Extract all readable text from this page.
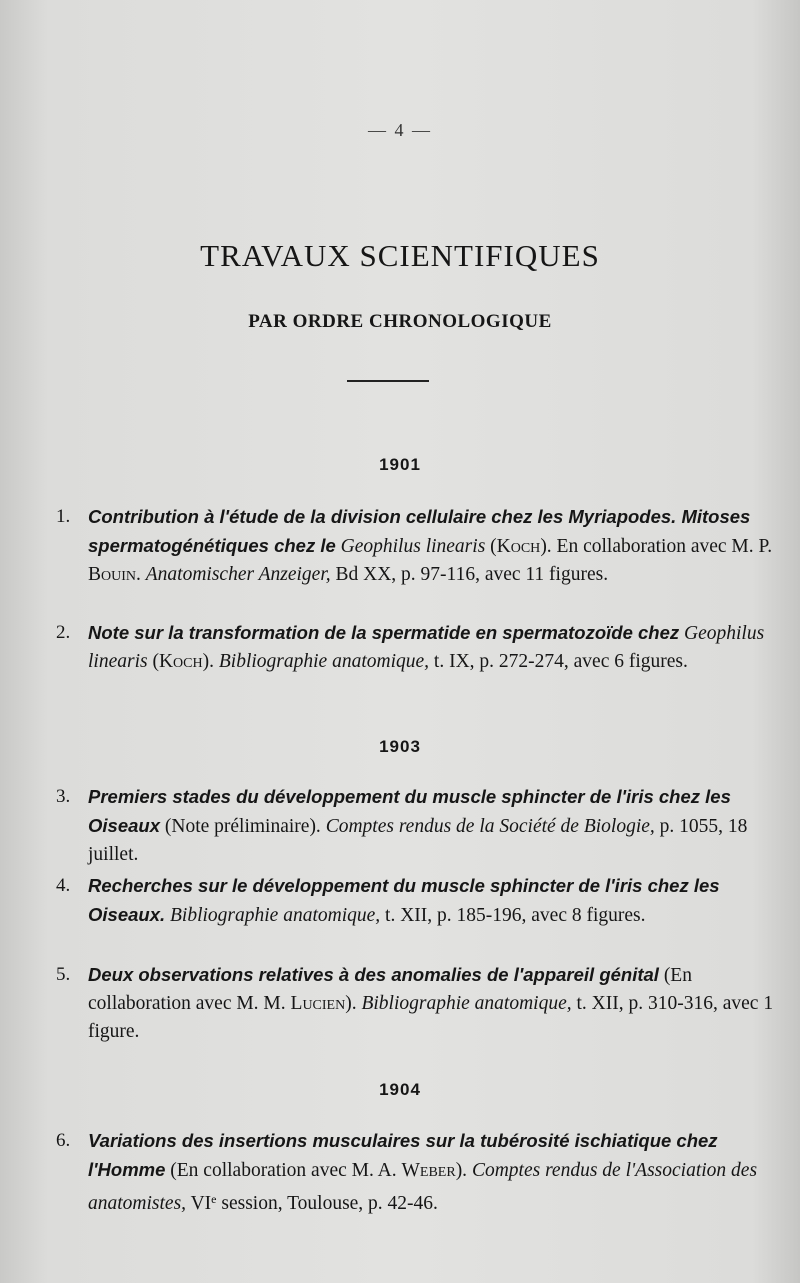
— 4 —
TRAVAUX SCIENTIFIQUES
PAR ORDRE CHRONOLOGIQUE
1901
1. Contribution à l'étude de la division cellulaire chez les Myriapodes. Mitoses spermatogénétiques chez le Geophilus linearis (Koch). En collaboration avec M. P. Bouin. Anatomischer Anzeiger, Bd XX, p. 97-116, avec 11 figures.
2. Note sur la transformation de la spermatide en spermatozoïde chez Geophilus linearis (Koch). Bibliographie anatomique, t. IX, p. 272-274, avec 6 figures.
1903
3. Premiers stades du développement du muscle sphincter de l'iris chez les Oiseaux (Note préliminaire). Comptes rendus de la Société de Biologie, p. 1055, 18 juillet.
4. Recherches sur le développement du muscle sphincter de l'iris chez les Oiseaux. Bibliographie anatomique, t. XII, p. 185-196, avec 8 figures.
5. Deux observations relatives à des anomalies de l'appareil génital (En collaboration avec M. M. Lucien). Bibliographie anatomique, t. XII, p. 310-316, avec 1 figure.
1904
6. Variations des insertions musculaires sur la tubérosité ischiatique chez l'Homme (En collaboration avec M. A. Weber). Comptes rendus de l'Association des anatomistes, VIe session, Toulouse, p. 42-46.
